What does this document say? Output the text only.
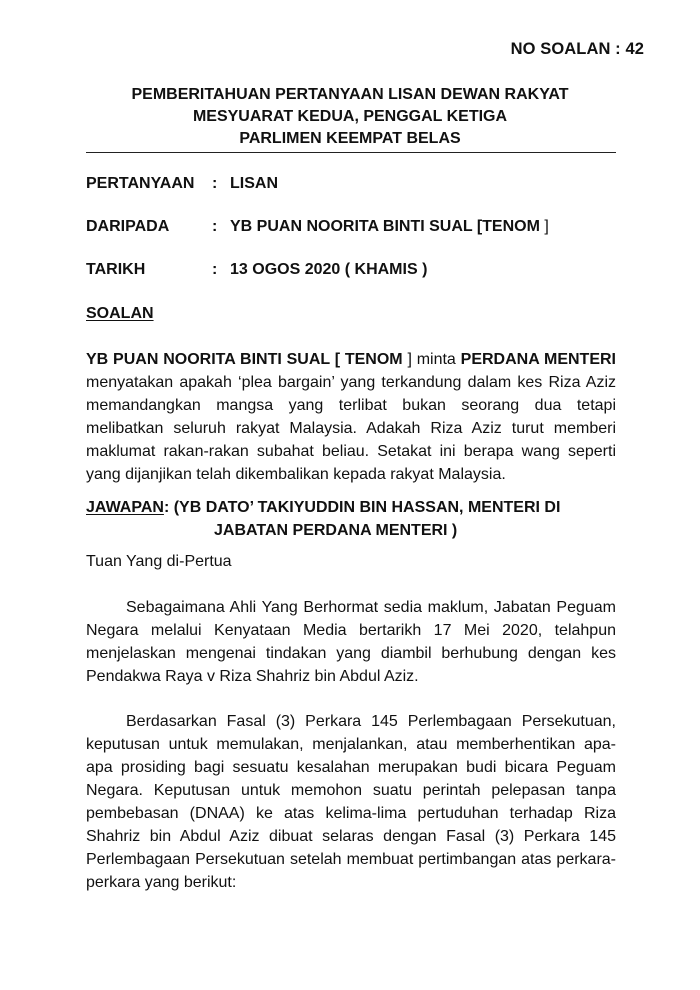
NO SOALAN : 42
PEMBERITAHUAN PERTANYAAN LISAN DEWAN RAKYAT
MESYUARAT KEDUA, PENGGAL KETIGA
PARLIMEN KEEMPAT BELAS
PERTANYAAN : LISAN
DARIPADA	: YB PUAN NOORITA BINTI SUAL [TENOM ]
TARIKH	: 13 OGOS 2020 ( KHAMIS )
SOALAN
YB PUAN NOORITA BINTI SUAL [ TENOM ] minta PERDANA MENTERI menyatakan apakah ‘plea bargain’ yang terkandung dalam kes Riza Aziz memandangkan mangsa yang terlibat bukan seorang dua tetapi melibatkan seluruh rakyat Malaysia. Adakah Riza Aziz turut memberi maklumat rakan-rakan subahat beliau. Setakat ini berapa wang seperti yang dijanjikan telah dikembalikan kepada rakyat Malaysia.
JAWAPAN: (YB DATO’ TAKIYUDDIN BIN HASSAN, MENTERI DI
JABATAN PERDANA MENTERI )
Tuan Yang di-Pertua
Sebagaimana Ahli Yang Berhormat sedia maklum, Jabatan Peguam Negara melalui Kenyataan Media bertarikh 17 Mei 2020, telahpun menjelaskan mengenai tindakan yang diambil berhubung dengan kes Pendakwa Raya v Riza Shahriz bin Abdul Aziz.
Berdasarkan Fasal (3) Perkara 145 Perlembagaan Persekutuan, keputusan untuk memulakan, menjalankan, atau memberhentikan apa-apa prosiding bagi sesuatu kesalahan merupakan budi bicara Peguam Negara. Keputusan untuk memohon suatu perintah pelepasan tanpa pembebasan (DNAA) ke atas kelima-lima pertuduhan terhadap Riza Shahriz bin Abdul Aziz dibuat selaras dengan Fasal (3) Perkara 145 Perlembagaan Persekutuan setelah membuat pertimbangan atas perkara-perkara yang berikut:
